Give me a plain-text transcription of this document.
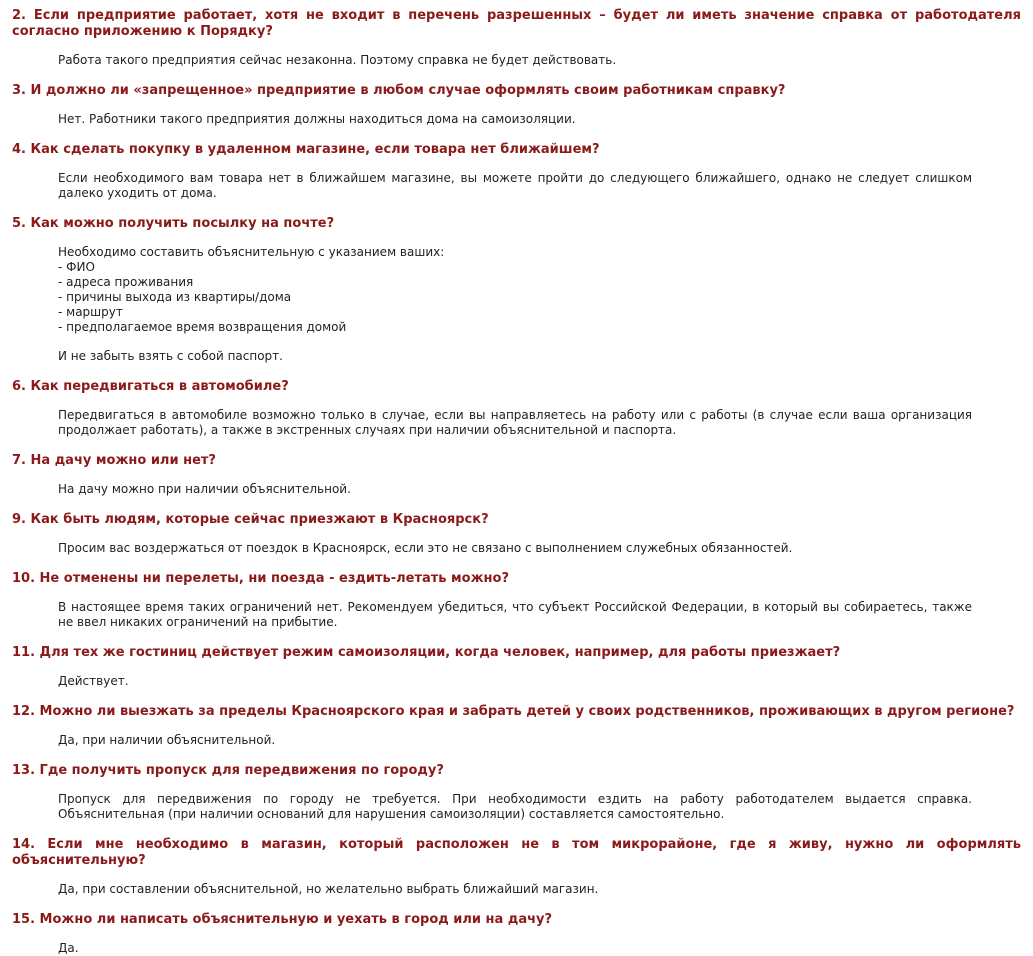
2. Если предприятие работает, хотя не входит в перечень разрешенных – будет ли иметь значение справка от работодателя согласно приложению к Порядку?
Работа такого предприятия сейчас незаконна. Поэтому справка не будет действовать.
3. И должно ли «запрещенное» предприятие в любом случае оформлять своим работникам справку?
Нет. Работники такого предприятия должны находиться дома на самоизоляции.
4. Как сделать покупку в удаленном магазине, если товара нет ближайшем?
Если необходимого вам товара нет в ближайшем магазине, вы можете пройти до следующего ближайшего, однако не следует слишком далеко уходить от дома.
5. Как можно получить посылку на почте?
Необходимо составить объяснительную с указанием ваших:
- ФИО
- адреса проживания
- причины выхода из квартиры/дома
- маршрут
- предполагаемое время возвращения домой
И не забыть взять с собой паспорт.
6. Как передвигаться в автомобиле?
Передвигаться в автомобиле возможно только в случае, если вы направляетесь на работу или с работы (в случае если ваша организация продолжает работать), а также в экстренных случаях при наличии объяснительной и паспорта.
7. На дачу можно или нет?
На дачу можно при наличии объяснительной.
9. Как быть людям, которые сейчас приезжают в Красноярск?
Просим вас воздержаться от поездок в Красноярск, если это не связано с выполнением служебных обязанностей.
10. Не отменены ни перелеты, ни поезда - ездить-летать можно?
В настоящее время таких ограничений нет. Рекомендуем убедиться, что субъект Российской Федерации, в который вы собираетесь, также не ввел никаких ограничений на прибытие.
11. Для тех же гостиниц действует режим самоизоляции, когда человек, например, для работы приезжает?
Действует.
12. Можно ли выезжать за пределы Красноярского края и забрать детей у своих родственников, проживающих в другом регионе?
Да, при наличии объяснительной.
13. Где получить пропуск для передвижения по городу?
Пропуск для передвижения по городу не требуется. При необходимости ездить на работу работодателем выдается справка. Объяснительная (при наличии оснований для нарушения самоизоляции) составляется самостоятельно.
14. Если мне необходимо в магазин, который расположен не в том микрорайоне, где я живу, нужно ли оформлять объяснительную?
Да, при составлении объяснительной, но желательно выбрать ближайший магазин.
15. Можно ли написать объяснительную и уехать в город или на дачу?
Да.
